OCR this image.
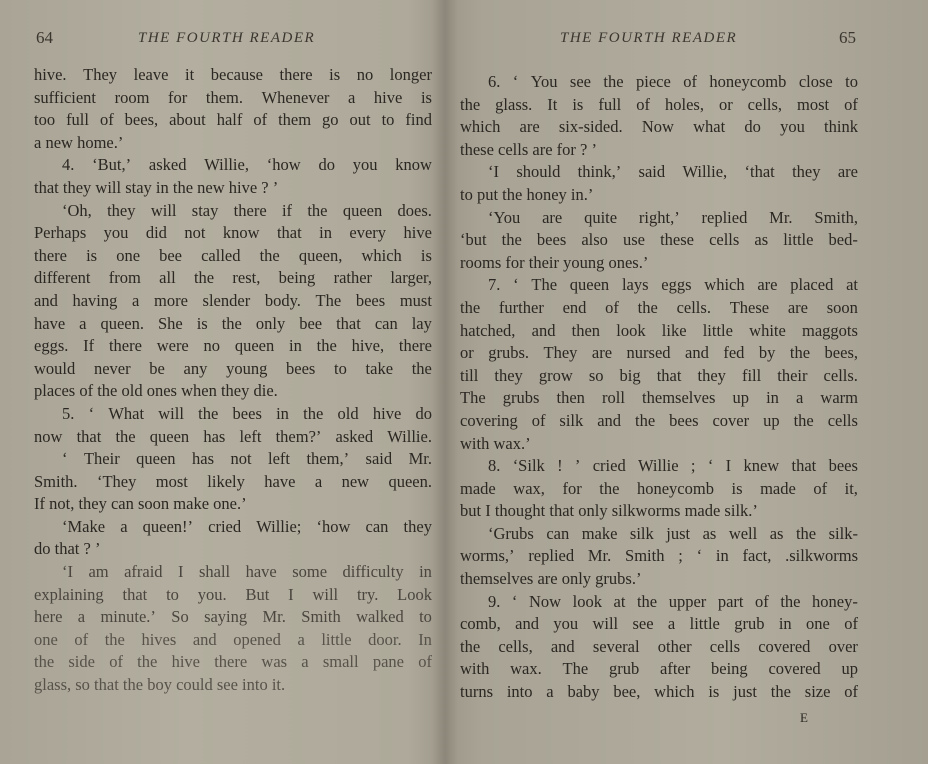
64	THE FOURTH READER
hive. They leave it because there is no longer
sufficient room for them. Whenever a hive is
too full of bees, about half of them go out to find
a new home.’
4. ‘But,’ asked Willie, ‘how do you know
that they will stay in the new hive ? ’
‘Oh, they will stay there if the queen does.
Perhaps you did not know that in every hive
there is one bee called the queen, which is
different from all the rest, being rather larger,
and having a more slender body. The bees must
have a queen. She is the only bee that can lay
eggs. If there were no queen in the hive, there
would never be any young bees to take the
places of the old ones when they die.
5. ‘ What will the bees in the old hive do
now that the queen has left them?’ asked Willie.
‘ Their queen has not left them,’ said Mr.
Smith. ‘They most likely have a new queen.
If not, they can soon make one.’
‘Make a queen!’ cried Willie; ‘how can they
do that ? ’
‘I am afraid I shall have some difficulty in
explaining that to you. But I will try. Look
here a minute.’ So saying Mr. Smith walked to
one of the hives and opened a little door. In
the side of the hive there was a small pane of
glass, so that the boy could see into it.
THE FOURTH READER	65
6. ‘ You see the piece of honeycomb close to
the glass. It is full of holes, or cells, most of
which are six-sided. Now what do you think
these cells are for ? ’
‘I should think,’ said Willie, ‘that they are
to put the honey in.’
‘You are quite right,’ replied Mr. Smith,
‘but the bees also use these cells as little bed-
rooms for their young ones.’
7. ‘ The queen lays eggs which are placed at
the further end of the cells. These are soon
hatched, and then look like little white maggots
or grubs. They are nursed and fed by the bees,
till they grow so big that they fill their cells.
The grubs then roll themselves up in a warm
covering of silk and the bees cover up the cells
with wax.’
8. ‘Silk ! ’ cried Willie ; ‘ I knew that bees
made wax, for the honeycomb is made of it,
but I thought that only silkworms made silk.’
‘Grubs can make silk just as well as the silk-
worms,’ replied Mr. Smith ; ‘ in fact, .silkworms
themselves are only grubs.’
9. ‘ Now look at the upper part of the honey-
comb, and you will see a little grub in one of
the cells, and several other cells covered over
with wax. The grub after being covered up
turns into a baby bee, which is just the size of
E
